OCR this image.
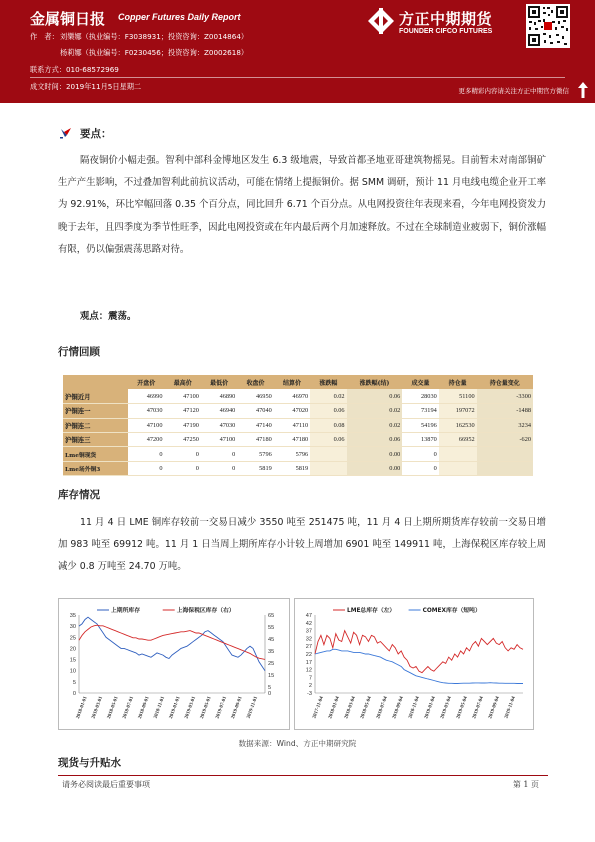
金属铜日报 Copper Futures Daily Report
作　者：刘樂娜（执业编号：F3038931；投资咨询：Z0014864）
杨莉娜（执业编号：F0230456；投资咨询：Z0002618）
联系方式：010-68572969
成文时间：2019年11月5日星期二
方正中期期货
FOUNDER CIFCO FUTURES
更多精彩内容请关注方正中期官方微信
要点：
隔夜铜价小幅走强。智利中部科金博地区发生 6.3 级地震，导致首都圣地亚哥建筑物摇晃。目前暂未对南部铜矿生产产生影响，不过叠加智利此前抗议活动，可能在情绪上提振铜价。据 SMM 调研，预计 11 月电线电缆企业开工率为 92.91%，环比窄幅回落 0.35 个百分点，同比回升 6.71 个百分点。从电网投资往年表现来看，今年电网投资发力晚于去年，且四季度为季节性旺季，因此电网投资或在年内最后两个月加速释放。不过在全球制造业疲弱下，铜价涨幅有限，仍以偏强震荡思路对待。
观点：震荡。
行情回顾
	开盘价	最高价	最低价	收盘价	结算价	涨跌幅	涨跌幅(结)	成交量	持仓量	持仓量变化
沪铜近月	46990	47100	46890	46950	46970	0.02	0.06	28030	51100	-3300
沪铜连一	47030	47120	46940	47040	47020	0.06	0.02	73194	197072	-1488
沪铜连二	47100	47190	47030	47140	47110	0.08	0.02	54196	162530	3234
沪铜连三	47200	47250	47100	47180	47180	0.06	0.06	13870	66952	-620
Lme铜现货	0	0	0	5796	5796		0.00	0		
Lme场外铜3	0	0	0	5819	5819		0.00	0		
库存情况
11 月 4 日 LME 铜库存较前一交易日减少 3550 吨至 251475 吨，11 月 4 日上期所期货库存较前一交易日增加 983 吨至 69912 吨。11 月 1 日当周上期所库存小计较上周增加 6901 吨至 149911 吨，上海保税区库存较上周减少 0.8 万吨至 24.70 万吨。
0
5
10
15
20
25
30
35
0
5
15
25
35
45
55
65
2018-01-01 2018-03-01 2018-05-01 2018-07-01 2018-09-01 2018-11-01 2019-01-01 2019-03-01 2019-05-01 2019-07-01 2019-09-01 2019-11-01
上期所库存	上海保税区库存（右）
-3
2
7
12
17
22
27
32
37
42
47
2017-11-04 2018-01-04 2018-03-04 2018-05-04 2018-07-04 2018-09-04 2018-11-04 2019-01-04 2019-03-04 2019-05-04 2019-07-04 2019-09-04 2019-11-04
LME总库存（左）	COMEX库存（短吨）
数据来源：Wind、方正中期研究院
现货与升贴水
请务必阅读最后重要事项	第 1 页
